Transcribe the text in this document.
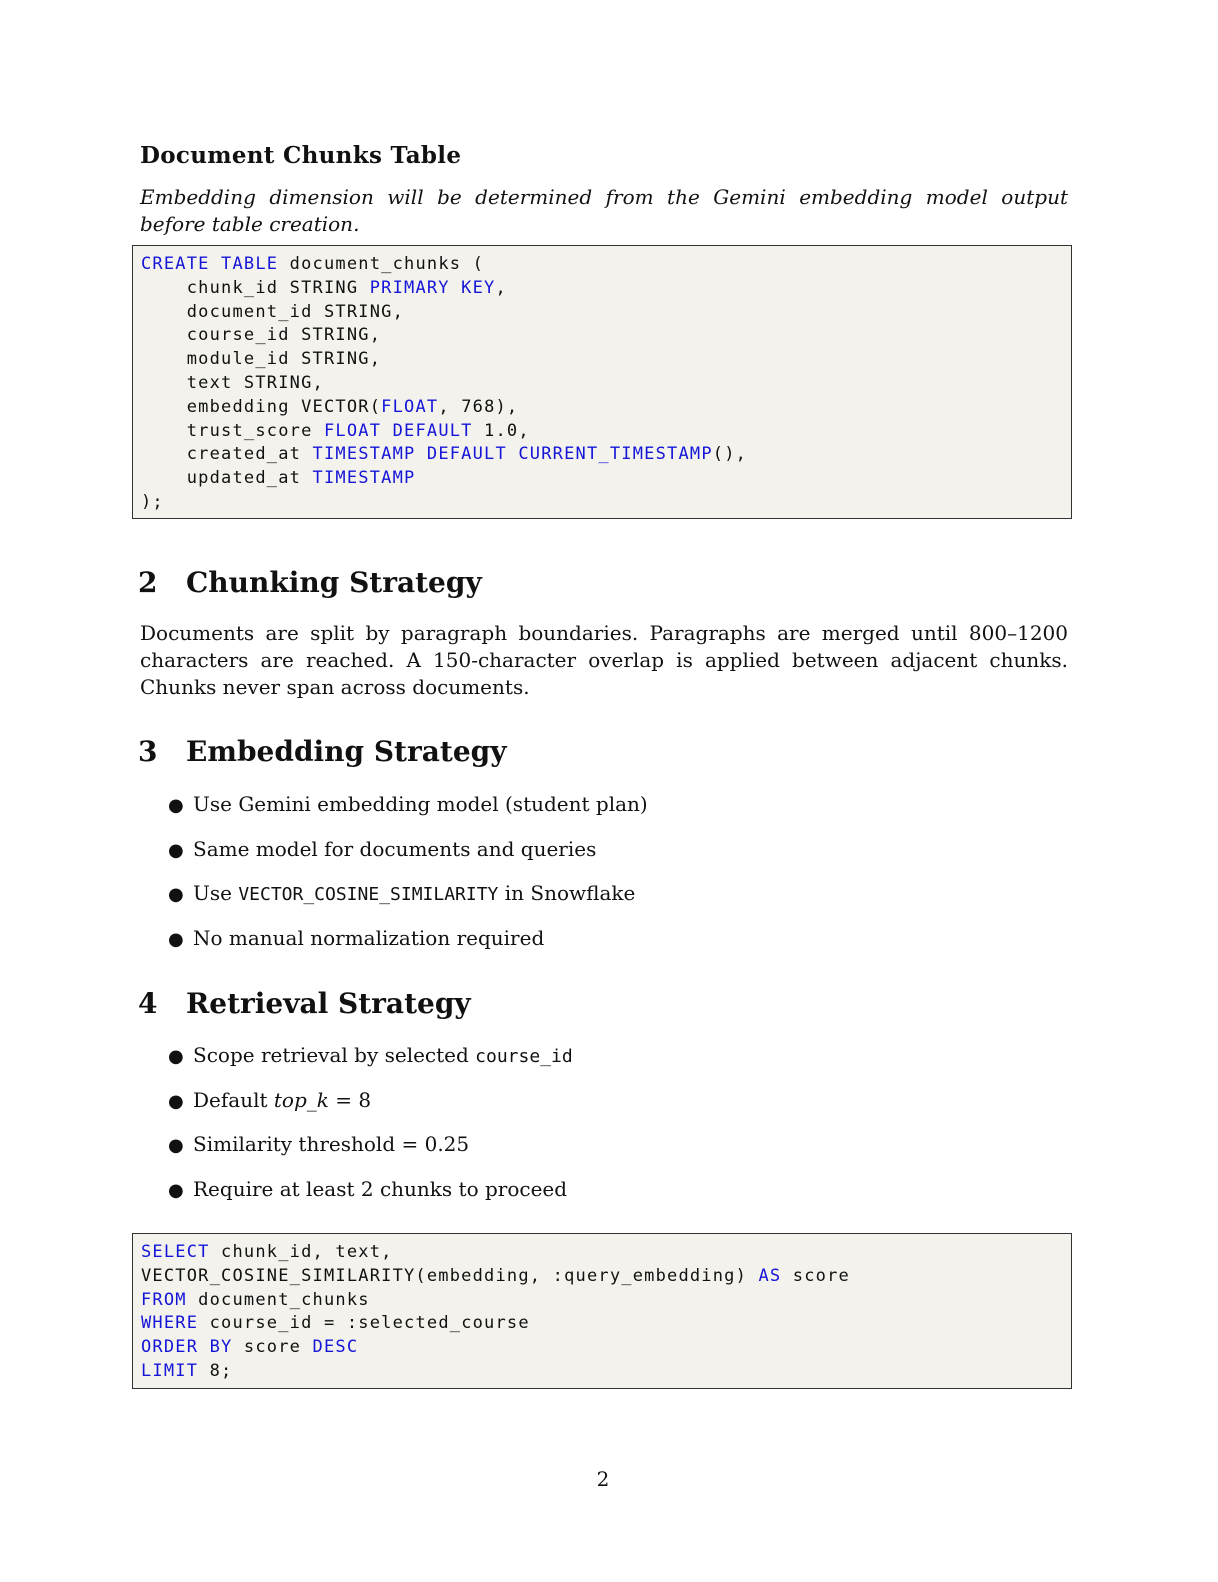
Document Chunks Table
Embedding dimension will be determined from the Gemini embedding model output before table creation.
CREATE TABLE document_chunks (
chunk_id STRING PRIMARY KEY,
document_id STRING,
course_id STRING,
module_id STRING,
text STRING,
embedding VECTOR(FLOAT, 768),
trust_score FLOAT DEFAULT 1.0,
created_at TIMESTAMP DEFAULT CURRENT_TIMESTAMP(),
updated_at TIMESTAMP
);
2 Chunking Strategy
Documents are split by paragraph boundaries. Paragraphs are merged until 800–1200 characters are reached. A 150-character overlap is applied between adjacent chunks. Chunks never span across documents.
3 Embedding Strategy
● Use Gemini embedding model (student plan)
● Same model for documents and queries
● Use VECTOR_COSINE_SIMILARITY in Snowflake
● No manual normalization required
4 Retrieval Strategy
● Scope retrieval by selected course_id
● Default top_k = 8
● Similarity threshold = 0.25
● Require at least 2 chunks to proceed
SELECT chunk_id, text,
VECTOR_COSINE_SIMILARITY(embedding, :query_embedding) AS score
FROM document_chunks
WHERE course_id = :selected_course
ORDER BY score DESC
LIMIT 8;
2
